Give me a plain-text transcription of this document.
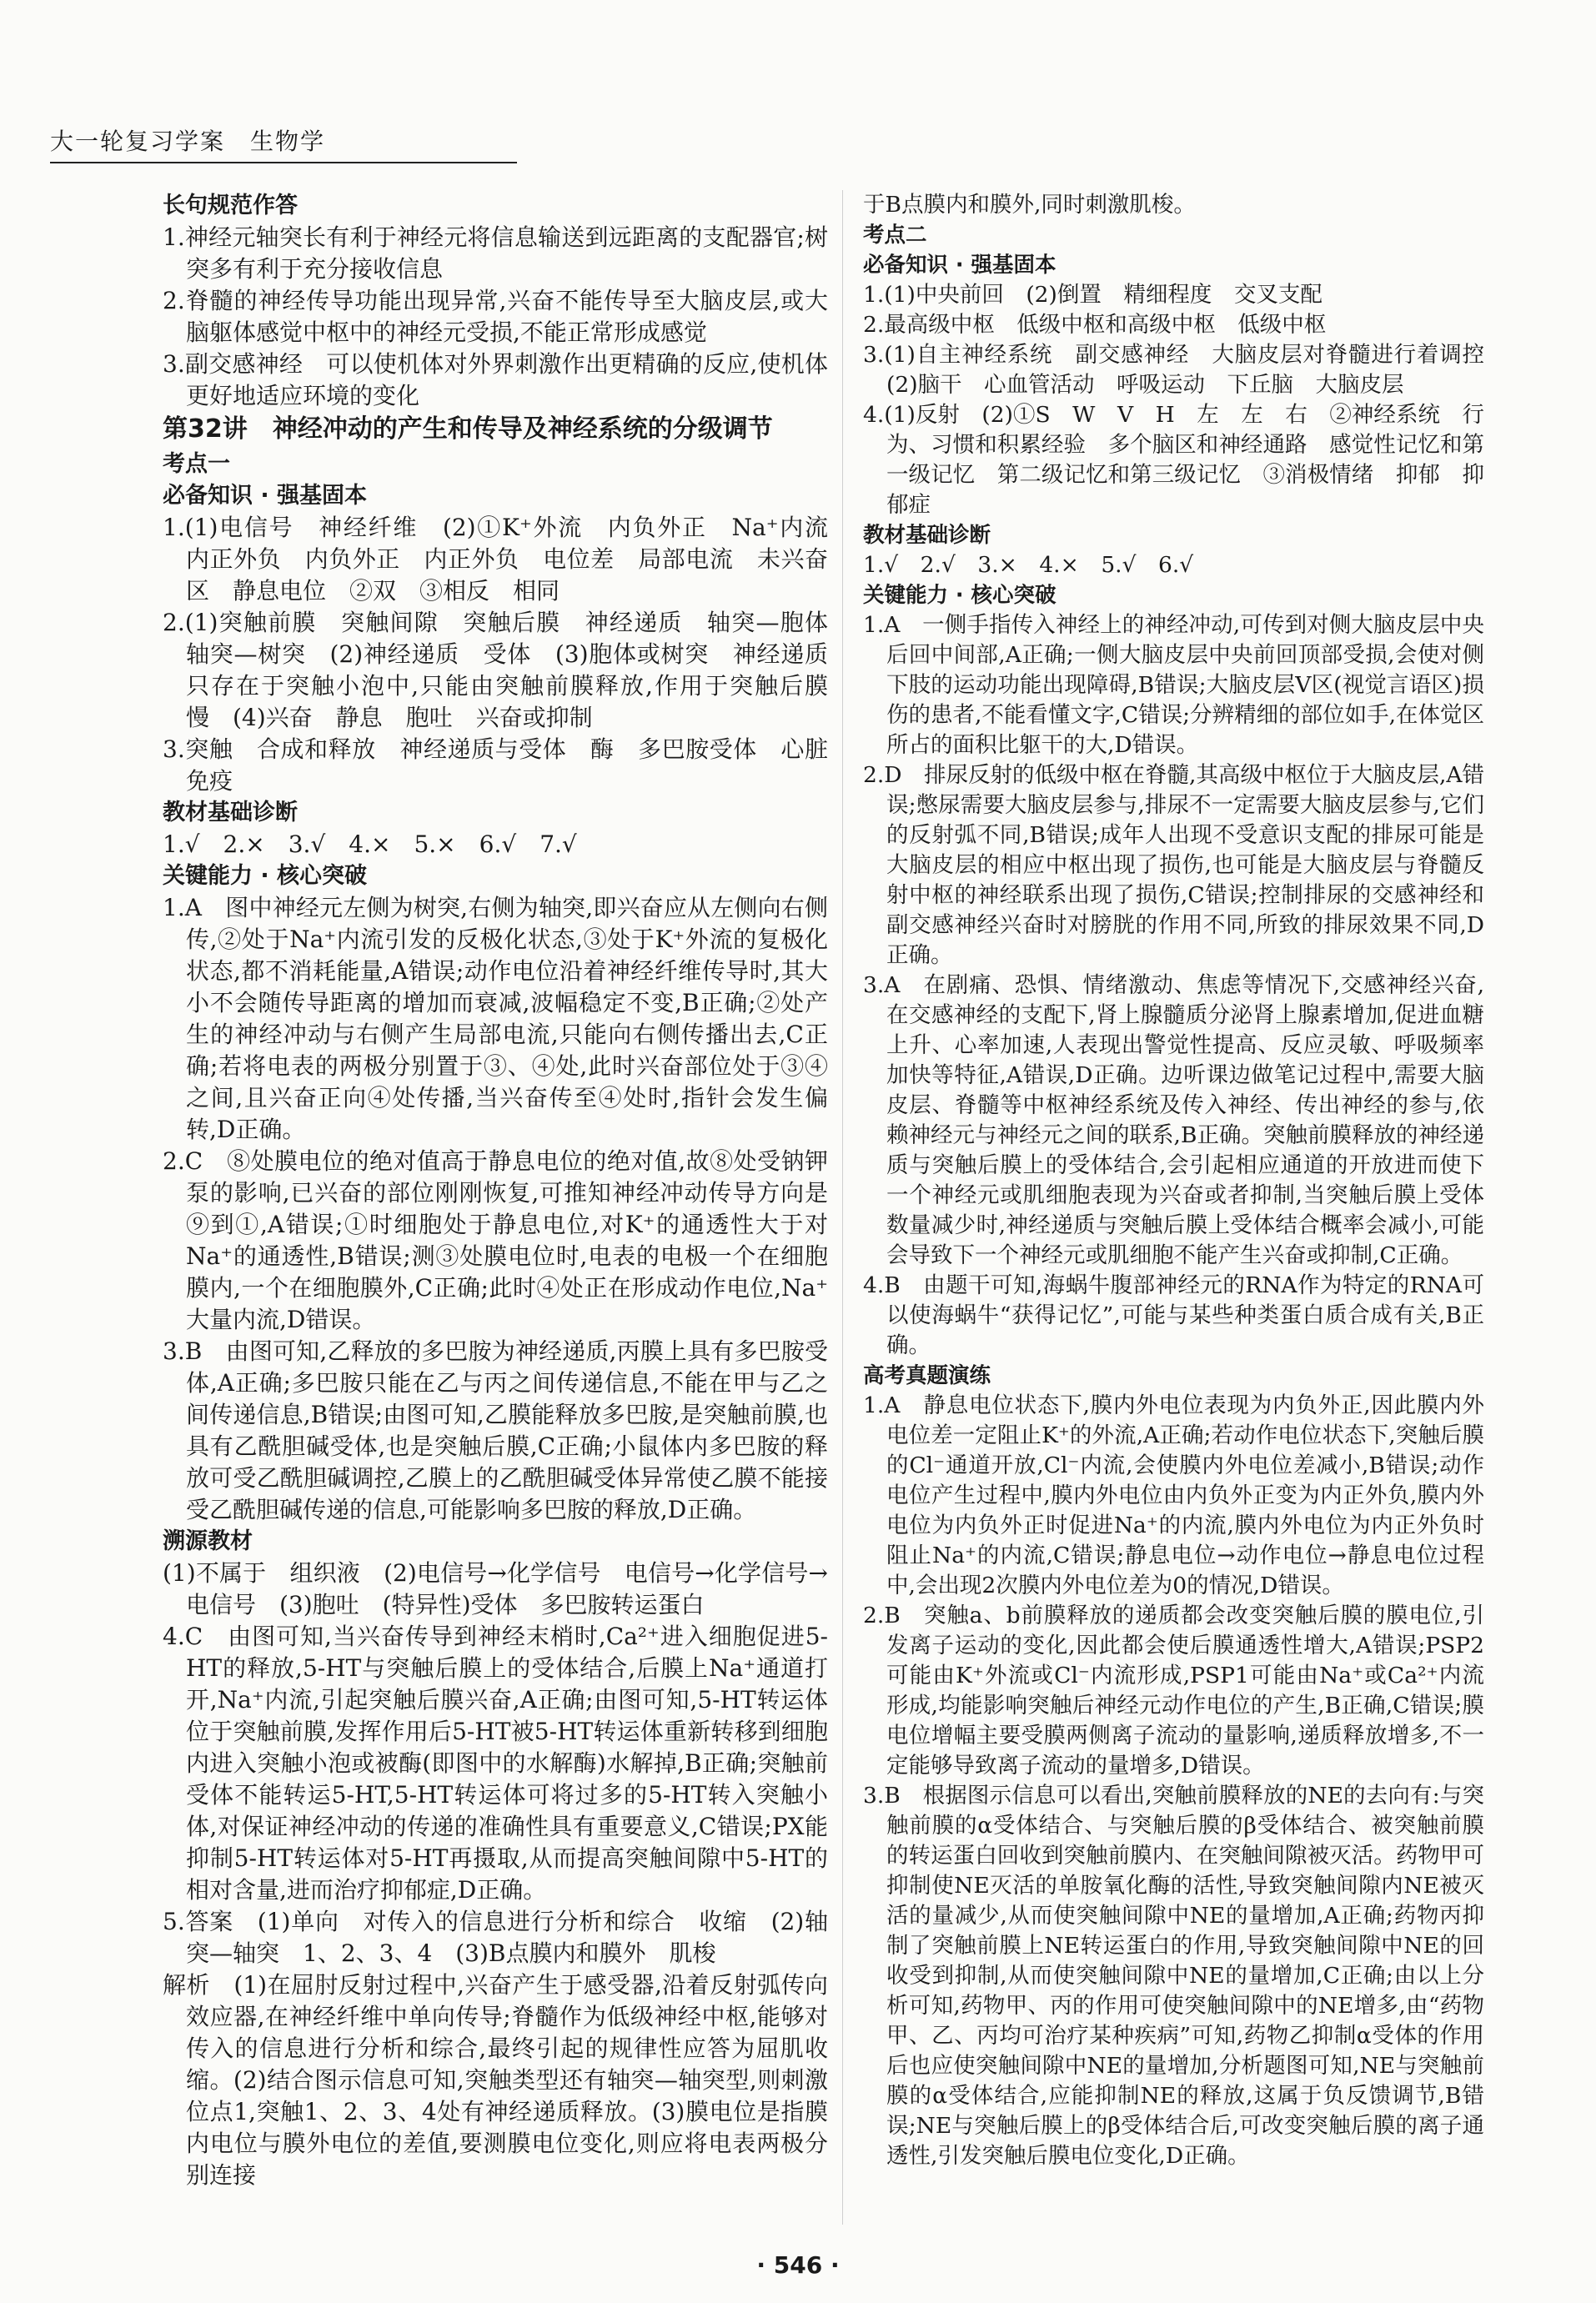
大一轮复习学案 生物学

长句规范作答

1.神经元轴突长有利于神经元将信息输送到远距离的支配器官;树突多有利于充分接收信息

2.脊髓的神经传导功能出现异常,兴奋不能传导至大脑皮层,或大脑躯体感觉中枢中的神经元受损,不能正常形成感觉

3.副交感神经　可以使机体对外界刺激作出更精确的反应,使机体更好地适应环境的变化

第32讲　神经冲动的产生和传导及神经系统的分级调节

考点一

必备知识 · 强基固本

1.(1)电信号　神经纤维　(2)①K⁺外流　内负外正　Na⁺内流　内正外负　内负外正　内正外负　电位差　局部电流　未兴奋区　静息电位　②双　③相反　相同

2.(1)突触前膜　突触间隙　突触后膜　神经递质　轴突—胞体　轴突—树突　(2)神经递质　受体　(3)胞体或树突　神经递质只存在于突触小泡中,只能由突触前膜释放,作用于突触后膜　慢　(4)兴奋　静息　胞吐　兴奋或抑制

3.突触　合成和释放　神经递质与受体　酶　多巴胺受体　心脏　免疫

教材基础诊断

1.√　2.×　3.√　4.×　5.×　6.√　7.√

关键能力 · 核心突破

1.A　图中神经元左侧为树突,右侧为轴突,即兴奋应从左侧向右侧传,②处于Na⁺内流引发的反极化状态,③处于K⁺外流的复极化状态,都不消耗能量,A错误;动作电位沿着神经纤维传导时,其大小不会随传导距离的增加而衰减,波幅稳定不变,B正确;②处产生的神经冲动与右侧产生局部电流,只能向右侧传播出去,C正确;若将电表的两极分别置于③、④处,此时兴奋部位处于③④之间,且兴奋正向④处传播,当兴奋传至④处时,指针会发生偏转,D正确。

2.C　⑧处膜电位的绝对值高于静息电位的绝对值,故⑧处受钠钾泵的影响,已兴奋的部位刚刚恢复,可推知神经冲动传导方向是⑨到①,A错误;①时细胞处于静息电位,对K⁺的通透性大于对Na⁺的通透性,B错误;测③处膜电位时,电表的电极一个在细胞膜内,一个在细胞膜外,C正确;此时④处正在形成动作电位,Na⁺大量内流,D错误。

3.B　由图可知,乙释放的多巴胺为神经递质,丙膜上具有多巴胺受体,A正确;多巴胺只能在乙与丙之间传递信息,不能在甲与乙之间传递信息,B错误;由图可知,乙膜能释放多巴胺,是突触前膜,也具有乙酰胆碱受体,也是突触后膜,C正确;小鼠体内多巴胺的释放可受乙酰胆碱调控,乙膜上的乙酰胆碱受体异常使乙膜不能接受乙酰胆碱传递的信息,可能影响多巴胺的释放,D正确。

溯源教材

(1)不属于　组织液　(2)电信号→化学信号　电信号→化学信号→电信号　(3)胞吐　(特异性)受体　多巴胺转运蛋白

4.C　由图可知,当兴奋传导到神经末梢时,Ca²⁺进入细胞促进5-HT的释放,5-HT与突触后膜上的受体结合,后膜上Na⁺通道打开,Na⁺内流,引起突触后膜兴奋,A正确;由图可知,5-HT转运体位于突触前膜,发挥作用后5-HT被5-HT转运体重新转移到细胞内进入突触小泡或被酶(即图中的水解酶)水解掉,B正确;突触前受体不能转运5-HT,5-HT转运体可将过多的5-HT转入突触小体,对保证神经冲动的传递的准确性具有重要意义,C错误;PX能抑制5-HT转运体对5-HT再摄取,从而提高突触间隙中5-HT的相对含量,进而治疗抑郁症,D正确。

5.答案　(1)单向　对传入的信息进行分析和综合　收缩　(2)轴突—轴突　1、2、3、4　(3)B点膜内和膜外　肌梭

解析　(1)在屈肘反射过程中,兴奋产生于感受器,沿着反射弧传向效应器,在神经纤维中单向传导;脊髓作为低级神经中枢,能够对传入的信息进行分析和综合,最终引起的规律性应答为屈肌收缩。(2)结合图示信息可知,突触类型还有轴突—轴突型,则刺激位点1,突触1、2、3、4处有神经递质释放。(3)膜电位是指膜内电位与膜外电位的差值,要测膜电位变化,则应将电表两极分别连接

于B点膜内和膜外,同时刺激肌梭。

考点二

必备知识 · 强基固本

1.(1)中央前回　(2)倒置　精细程度　交叉支配

2.最高级中枢　低级中枢和高级中枢　低级中枢

3.(1)自主神经系统　副交感神经　大脑皮层对脊髓进行着调控　(2)脑干　心血管活动　呼吸运动　下丘脑　大脑皮层

4.(1)反射　(2)①S　W　V　H　左　左　右　②神经系统　行为、习惯和积累经验　多个脑区和神经通路　感觉性记忆和第一级记忆　第二级记忆和第三级记忆　③消极情绪　抑郁　抑郁症

教材基础诊断

1.√　2.√　3.×　4.×　5.√　6.√

关键能力 · 核心突破

1.A　一侧手指传入神经上的神经冲动,可传到对侧大脑皮层中央后回中间部,A正确;一侧大脑皮层中央前回顶部受损,会使对侧下肢的运动功能出现障碍,B错误;大脑皮层V区(视觉言语区)损伤的患者,不能看懂文字,C错误;分辨精细的部位如手,在体觉区所占的面积比躯干的大,D错误。

2.D　排尿反射的低级中枢在脊髓,其高级中枢位于大脑皮层,A错误;憋尿需要大脑皮层参与,排尿不一定需要大脑皮层参与,它们的反射弧不同,B错误;成年人出现不受意识支配的排尿可能是大脑皮层的相应中枢出现了损伤,也可能是大脑皮层与脊髓反射中枢的神经联系出现了损伤,C错误;控制排尿的交感神经和副交感神经兴奋时对膀胱的作用不同,所致的排尿效果不同,D正确。

3.A　在剧痛、恐惧、情绪激动、焦虑等情况下,交感神经兴奋,在交感神经的支配下,肾上腺髓质分泌肾上腺素增加,促进血糖上升、心率加速,人表现出警觉性提高、反应灵敏、呼吸频率加快等特征,A错误,D正确。边听课边做笔记过程中,需要大脑皮层、脊髓等中枢神经系统及传入神经、传出神经的参与,依赖神经元与神经元之间的联系,B正确。突触前膜释放的神经递质与突触后膜上的受体结合,会引起相应通道的开放进而使下一个神经元或肌细胞表现为兴奋或者抑制,当突触后膜上受体数量减少时,神经递质与突触后膜上受体结合概率会减小,可能会导致下一个神经元或肌细胞不能产生兴奋或抑制,C正确。

4.B　由题干可知,海蜗牛腹部神经元的RNA作为特定的RNA可以使海蜗牛“获得记忆”,可能与某些种类蛋白质合成有关,B正确。

高考真题演练

1.A　静息电位状态下,膜内外电位表现为内负外正,因此膜内外电位差一定阻止K⁺的外流,A正确;若动作电位状态下,突触后膜的Cl⁻通道开放,Cl⁻内流,会使膜内外电位差减小,B错误;动作电位产生过程中,膜内外电位由内负外正变为内正外负,膜内外电位为内负外正时促进Na⁺的内流,膜内外电位为内正外负时阻止Na⁺的内流,C错误;静息电位→动作电位→静息电位过程中,会出现2次膜内外电位差为0的情况,D错误。

2.B　突触a、b前膜释放的递质都会改变突触后膜的膜电位,引发离子运动的变化,因此都会使后膜通透性增大,A错误;PSP2可能由K⁺外流或Cl⁻内流形成,PSP1可能由Na⁺或Ca²⁺内流形成,均能影响突触后神经元动作电位的产生,B正确,C错误;膜电位增幅主要受膜两侧离子流动的量影响,递质释放增多,不一定能够导致离子流动的量增多,D错误。

3.B　根据图示信息可以看出,突触前膜释放的NE的去向有:与突触前膜的α受体结合、与突触后膜的β受体结合、被突触前膜的转运蛋白回收到突触前膜内、在突触间隙被灭活。药物甲可抑制使NE灭活的单胺氧化酶的活性,导致突触间隙内NE被灭活的量减少,从而使突触间隙中NE的量增加,A正确;药物丙抑制了突触前膜上NE转运蛋白的作用,导致突触间隙中NE的回收受到抑制,从而使突触间隙中NE的量增加,C正确;由以上分析可知,药物甲、丙的作用可使突触间隙中的NE增多,由“药物甲、乙、丙均可治疗某种疾病”可知,药物乙抑制α受体的作用后也应使突触间隙中NE的量增加,分析题图可知,NE与突触前膜的α受体结合,应能抑制NE的释放,这属于负反馈调节,B错误;NE与突触后膜上的β受体结合后,可改变突触后膜的离子通透性,引发突触后膜电位变化,D正确。

· 546 ·
